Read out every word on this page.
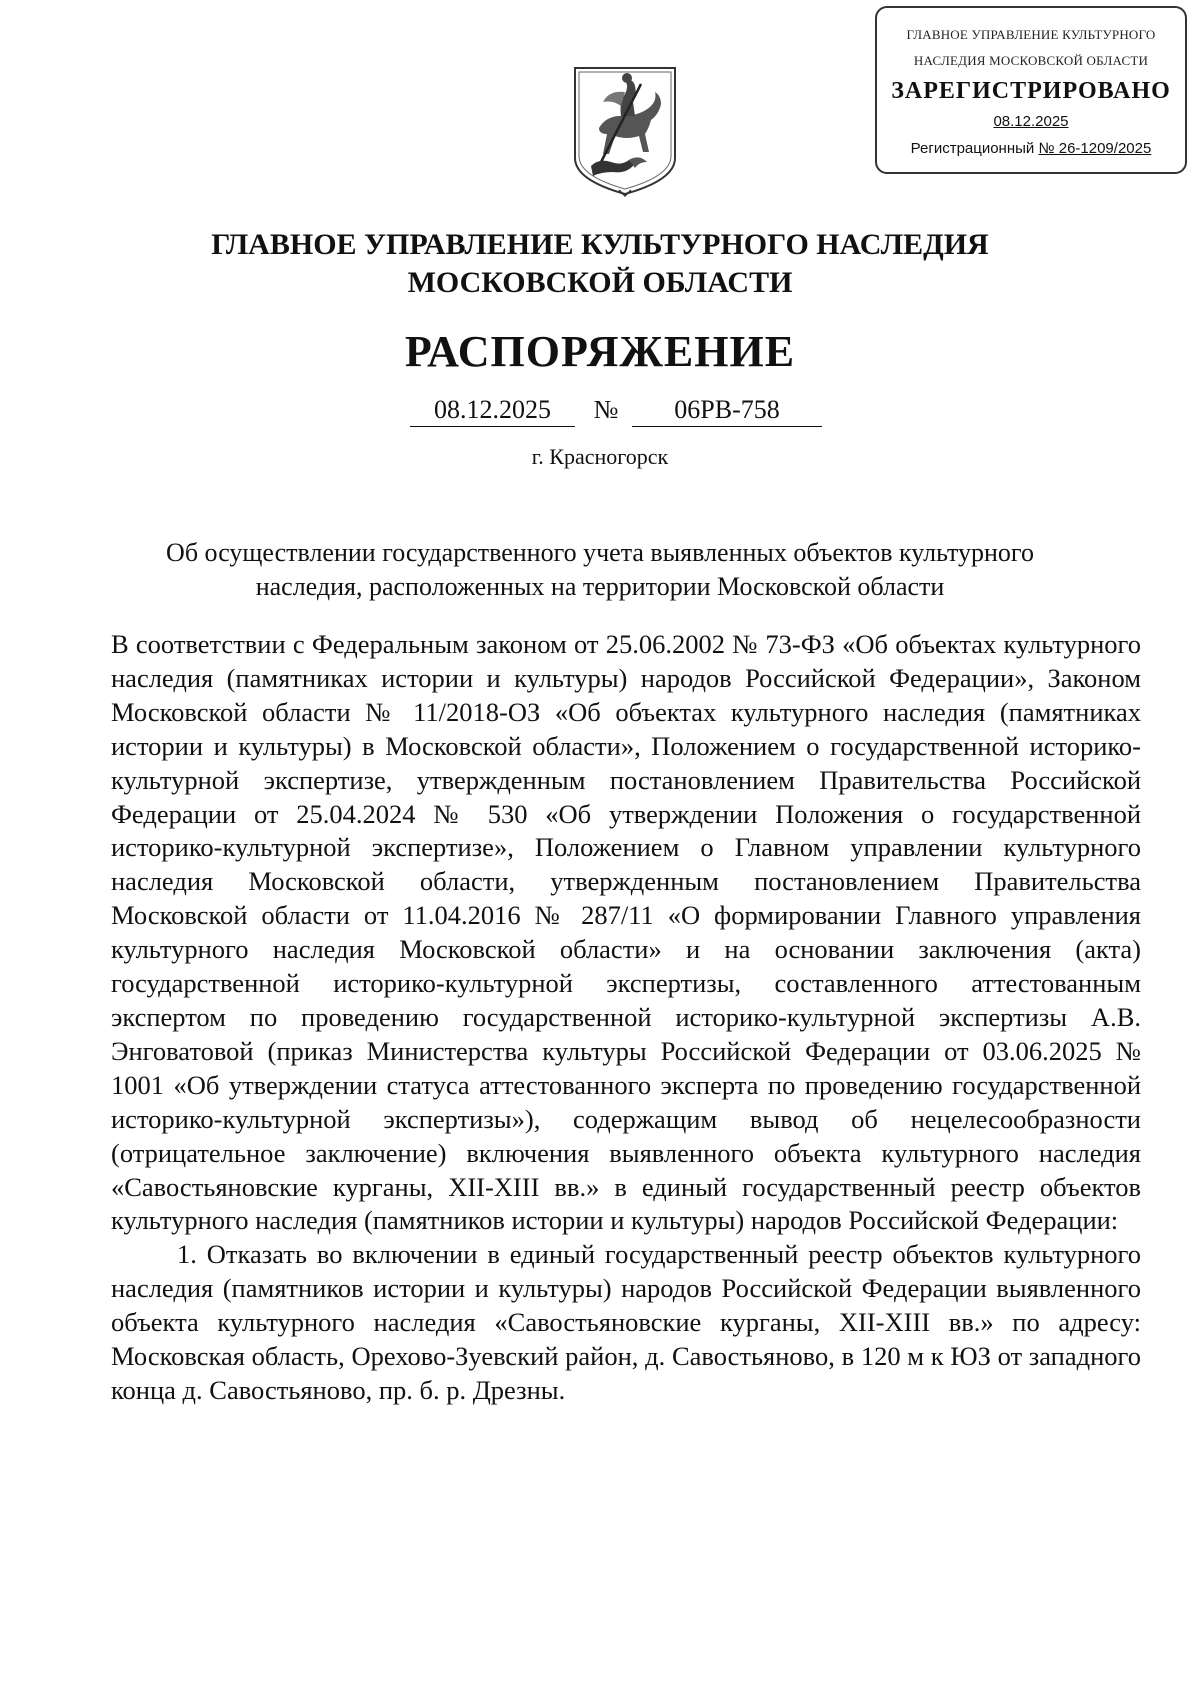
ГЛАВНОЕ УПРАВЛЕНИЕ КУЛЬТУРНОГО
НАСЛЕДИЯ МОСКОВСКОЙ ОБЛАСТИ
ЗАРЕГИСТРИРОВАНО
08.12.2025
Регистрационный № 26-1209/2025
ГЛАВНОЕ УПРАВЛЕНИЕ КУЛЬТУРНОГО НАСЛЕДИЯ
МОСКОВСКОЙ ОБЛАСТИ
РАСПОРЯЖЕНИЕ
08.12.2025	№	06РВ-758
г. Красногорск
Об осуществлении государственного учета выявленных объектов культурного
наследия, расположенных на территории Московской области

В соответствии с Федеральным законом от 25.06.2002 № 73-ФЗ «Об объектах культурного наследия (памятниках истории и культуры) народов Российской Федерации», Законом Московской области № 11/2018-ОЗ «Об объектах культурного наследия (памятниках истории и культуры) в Московской области», Положением о государственной историко-культурной экспертизе, утвержденным постановлением Правительства Российской Федерации от 25.04.2024 № 530 «Об утверждении Положения о государственной историко-культурной экспертизе», Положением о Главном управлении культурного наследия Московской области, утвержденным постановлением Правительства Московской области от 11.04.2016 № 287/11 «О формировании Главного управления культурного наследия Московской области» и на основании заключения (акта) государственной историко-культурной экспертизы, составленного аттестованным экспертом по проведению государственной историко-культурной экспертизы А.В. Энговатовой (приказ Министерства культуры Российской Федерации от 03.06.2025 № 1001 «Об утверждении статуса аттестованного эксперта по проведению государственной историко-культурной экспертизы»), содержащим вывод об нецелесообразности (отрицательное заключение) включения выявленного объекта культурного наследия «Савостьяновские курганы, XII-XIII вв.» в единый государственный реестр объектов культурного наследия (памятников истории и культуры) народов Российской Федерации:

1. Отказать во включении в единый государственный реестр объектов культурного наследия (памятников истории и культуры) народов Российской Федерации выявленного объекта культурного наследия «Савостьяновские курганы, XII-XIII вв.» по адресу: Московская область, Орехово-Зуевский район, д. Савостьяново, в 120 м к ЮЗ от западного конца д. Савостьяново, пр. б. р. Дрезны.
